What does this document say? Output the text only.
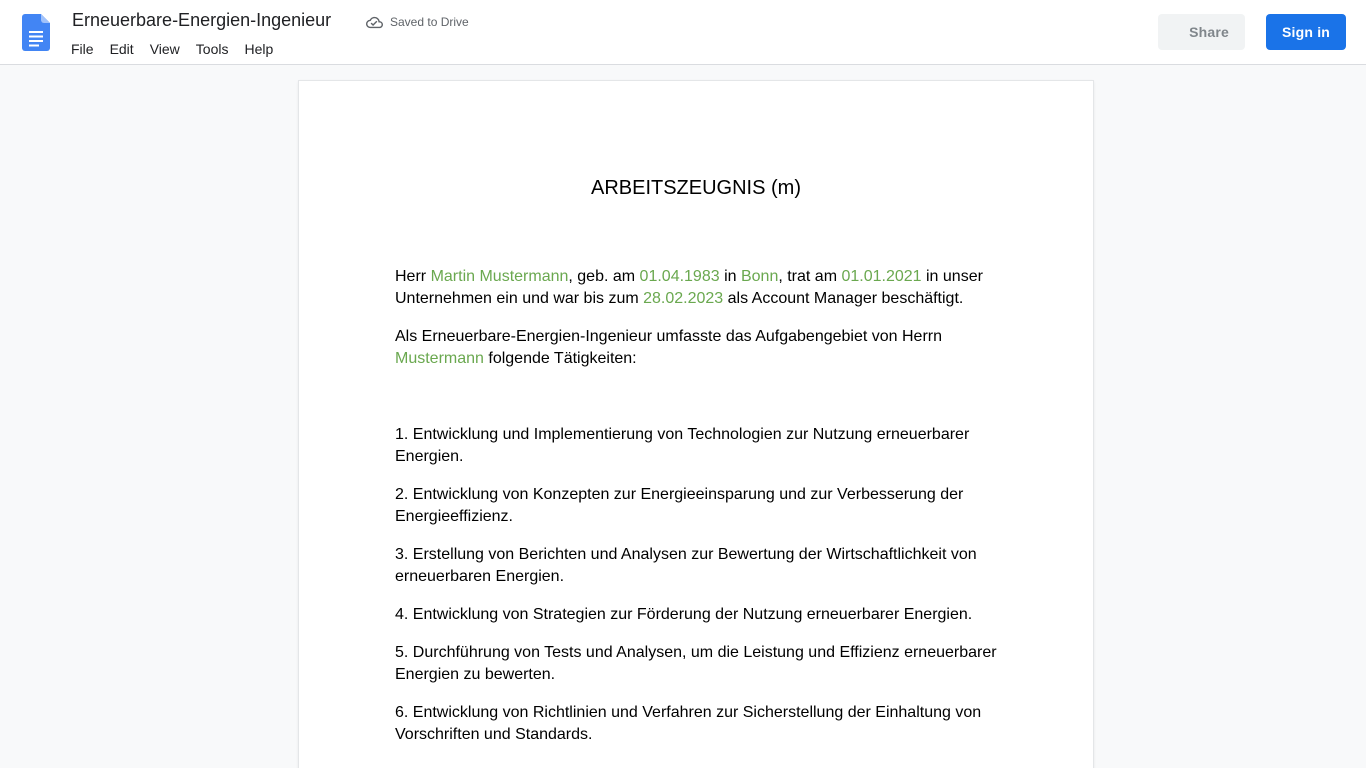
Erneuerbare-Energien-Ingenieur	Saved to Drive
File	Edit	View	Tools	Help
Share	Sign in
ARBEITSZEUGNIS (m)

Herr Martin Mustermann, geb. am 01.04.1983 in Bonn, trat am 01.01.2021 in unser Unternehmen ein und war bis zum 28.02.2023 als Account Manager beschäftigt.

Als Erneuerbare-Energien-Ingenieur umfasste das Aufgabengebiet von Herrn Mustermann folgende Tätigkeiten:

1. Entwicklung und Implementierung von Technologien zur Nutzung erneuerbarer Energien.

2. Entwicklung von Konzepten zur Energieeinsparung und zur Verbesserung der Energieeffizienz.

3. Erstellung von Berichten und Analysen zur Bewertung der Wirtschaftlichkeit von erneuerbaren Energien.

4. Entwicklung von Strategien zur Förderung der Nutzung erneuerbarer Energien.

5. Durchführung von Tests und Analysen, um die Leistung und Effizienz erneuerbarer Energien zu bewerten.

6. Entwicklung von Richtlinien und Verfahren zur Sicherstellung der Einhaltung von Vorschriften und Standards.
